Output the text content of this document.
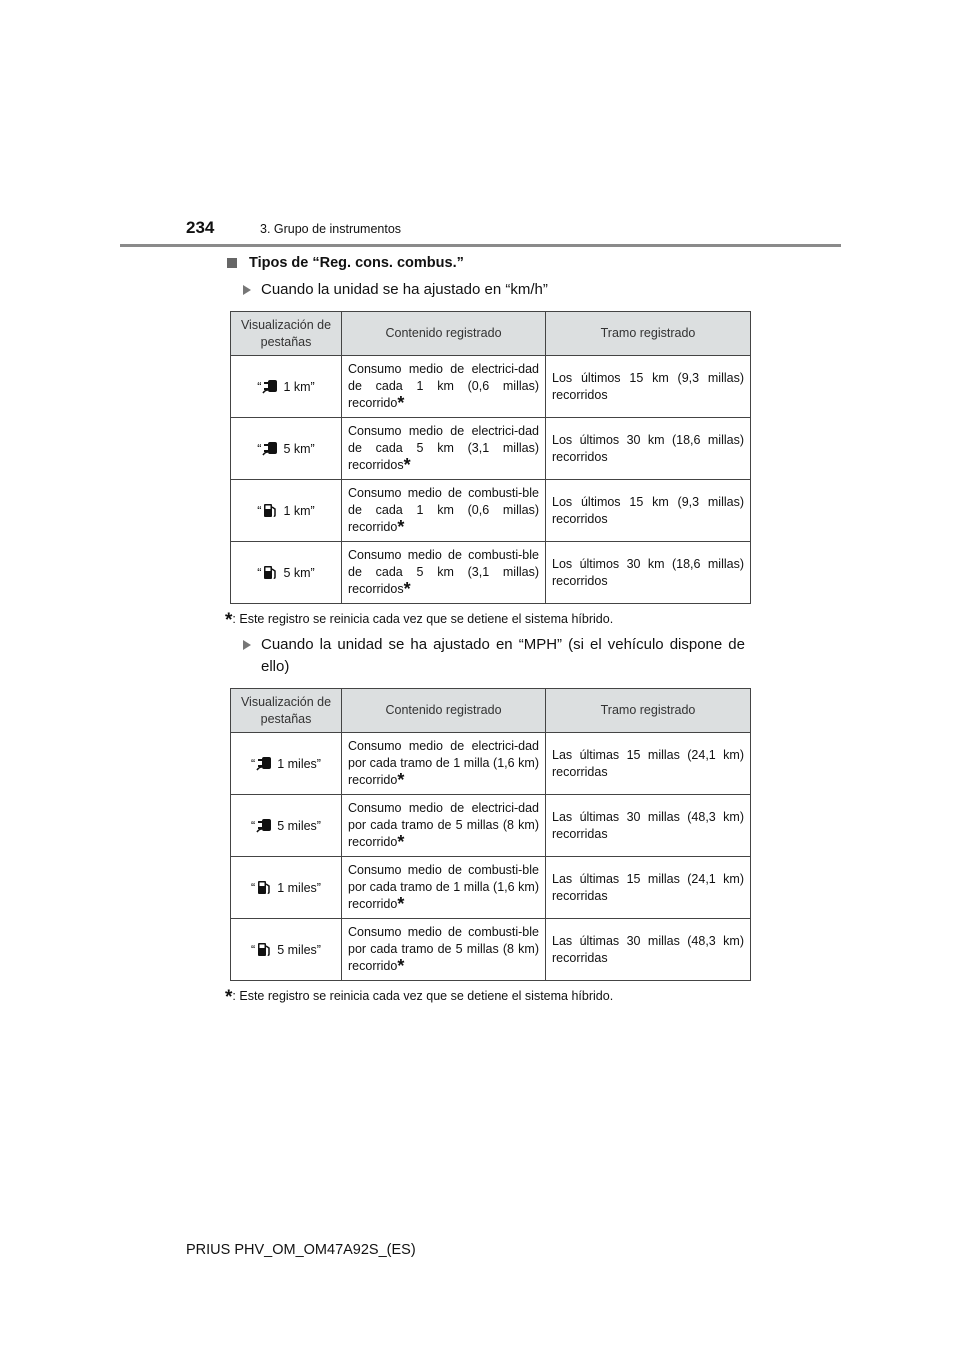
234	3. Grupo de instrumentos
Tipos de “Reg. cons. combus.”
Cuando la unidad se ha ajustado en “km/h”
Visualización de pestañas	Contenido registrado	Tramo registrado
“ 1 km”	Consumo medio de electrici-dad de cada 1 km (0,6 millas) recorrido*	Los últimos 15 km (9,3 millas) recorridos
“ 5 km”	Consumo medio de electrici-dad de cada 5 km (3,1 millas) recorridos*	Los últimos 30 km (18,6 millas) recorridos
“ 1 km”	Consumo medio de combusti-ble de cada 1 km (0,6 millas) recorrido*	Los últimos 15 km (9,3 millas) recorridos
“ 5 km”	Consumo medio de combusti-ble de cada 5 km (3,1 millas) recorridos*	Los últimos 30 km (18,6 millas) recorridos
*: Este registro se reinicia cada vez que se detiene el sistema híbrido.
Cuando la unidad se ha ajustado en “MPH” (si el vehículo dispone de ello)
Visualización de pestañas	Contenido registrado	Tramo registrado
“ 1 miles”	Consumo medio de electrici-dad por cada tramo de 1 milla (1,6 km) recorrido*	Las últimas 15 millas (24,1 km) recorridas
“ 5 miles”	Consumo medio de electrici-dad por cada tramo de 5 millas (8 km) recorrido*	Las últimas 30 millas (48,3 km) recorridas
“ 1 miles”	Consumo medio de combusti-ble por cada tramo de 1 milla (1,6 km) recorrido*	Las últimas 15 millas (24,1 km) recorridas
“ 5 miles”	Consumo medio de combusti-ble por cada tramo de 5 millas (8 km) recorrido*	Las últimas 30 millas (48,3 km) recorridas
*: Este registro se reinicia cada vez que se detiene el sistema híbrido.
PRIUS PHV_OM_OM47A92S_(ES)
